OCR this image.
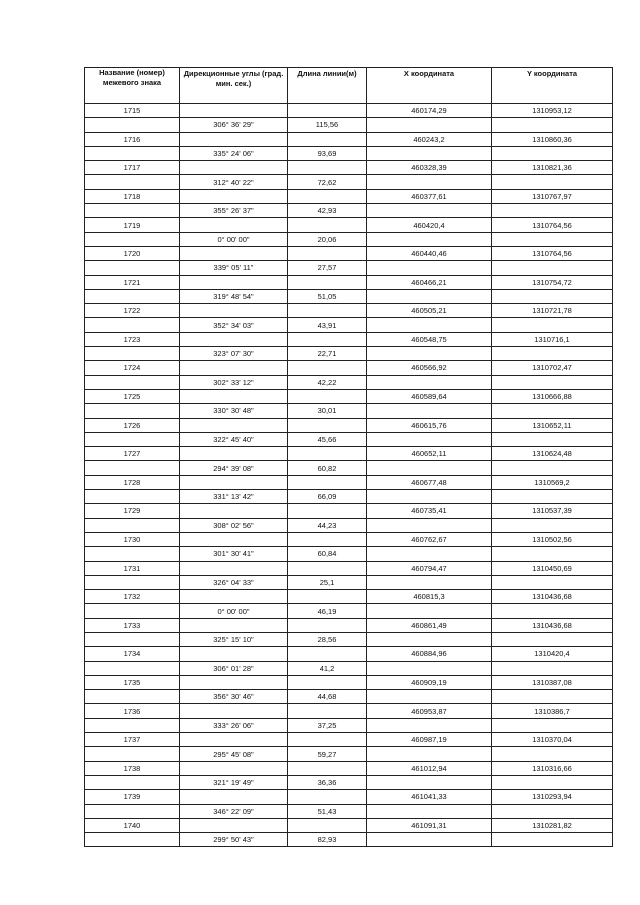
Название (номер) межевого знака	Дирекционные углы (град. мин. сек.)	Длина линии(м)	X координата	Y координата
1715			460174,29	1310953,12
	306° 36' 29"	115,56		
1716			460243,2	1310860,36
	335° 24' 06"	93,69		
1717			460328,39	1310821,36
	312° 40' 22"	72,62		
1718			460377,61	1310767,97
	355° 26' 37"	42,93		
1719			460420,4	1310764,56
	0° 00' 00"	20,06		
1720			460440,46	1310764,56
	339° 05' 11"	27,57		
1721			460466,21	1310754,72
	319° 48' 54"	51,05		
1722			460505,21	1310721,78
	352° 34' 03"	43,91		
1723			460548,75	1310716,1
	323° 07' 30"	22,71		
1724			460566,92	1310702,47
	302° 33' 12"	42,22		
1725			460589,64	1310666,88
	330° 30' 48"	30,01		
1726			460615,76	1310652,11
	322° 45' 40"	45,66		
1727			460652,11	1310624,48
	294° 39' 08"	60,82		
1728			460677,48	1310569,2
	331° 13' 42"	66,09		
1729			460735,41	1310537,39
	308° 02' 56"	44,23		
1730			460762,67	1310502,56
	301° 30' 41"	60,84		
1731			460794,47	1310450,69
	326° 04' 33"	25,1		
1732			460815,3	1310436,68
	0° 00' 00"	46,19		
1733			460861,49	1310436,68
	325° 15' 10"	28,56		
1734			460884,96	1310420,4
	306° 01' 28"	41,2		
1735			460909,19	1310387,08
	356° 30' 46"	44,68		
1736			460953,87	1310386,7
	333° 26' 06"	37,25		
1737			460987,19	1310370,04
	295° 45' 08"	59,27		
1738			461012,94	1310316,66
	321° 19' 49"	36,36		
1739			461041,33	1310293,94
	346° 22' 09"	51,43		
1740			461091,31	1310281,82
	299° 50' 43"	82,93		
